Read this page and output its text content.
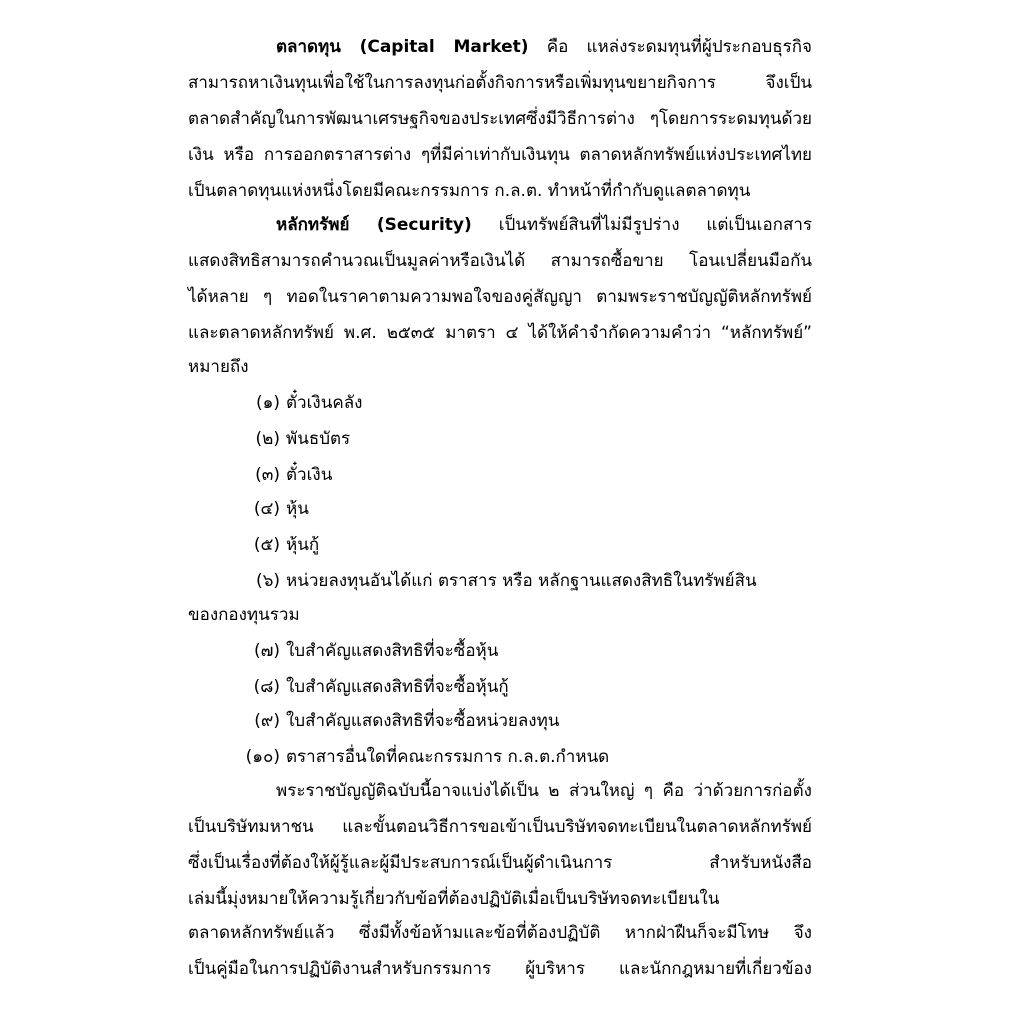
ตลาดทุน (Capital Market) คือ แหล่งระดมทุนที่ผู้ประกอบธุรกิจ
สามารถหาเงินทุนเพื่อใช้ในการลงทุนก่อตั้งกิจการหรือเพิ่มทุนขยายกิจการ จึงเป็น
ตลาดสำคัญในการพัฒนาเศรษฐกิจของประเทศซึ่งมีวิธีการต่าง ๆโดยการระดมทุนด้วย
เงิน หรือ การออกตราสารต่าง ๆที่มีค่าเท่ากับเงินทุน ตลาดหลักทรัพย์แห่งประเทศไทย
เป็นตลาดทุนแห่งหนึ่งโดยมีคณะกรรมการ ก.ล.ต. ทำหน้าที่กำกับดูแลตลาดทุน
หลักทรัพย์ (Security) เป็นทรัพย์สินที่ไม่มีรูปร่าง แต่เป็นเอกสาร
แสดงสิทธิสามารถคำนวณเป็นมูลค่าหรือเงินได้ สามารถซื้อขาย โอนเปลี่ยนมือกัน
ได้หลาย ๆ ทอดในราคาตามความพอใจของคู่สัญญา ตามพระราชบัญญัติหลักทรัพย์
และตลาดหลักทรัพย์ พ.ศ. ๒๕๓๕ มาตรา ๔ ได้ให้คำจำกัดความคำว่า “หลักทรัพย์”
หมายถึง
(๑) ตั๋วเงินคลัง
(๒) พันธบัตร
(๓) ตั๋วเงิน
(๔) หุ้น
(๕) หุ้นกู้
(๖) หน่วยลงทุนอันได้แก่ ตราสาร หรือ หลักฐานแสดงสิทธิในทรัพย์สิน
ของกองทุนรวม
(๗) ใบสำคัญแสดงสิทธิที่จะซื้อหุ้น
(๘) ใบสำคัญแสดงสิทธิที่จะซื้อหุ้นกู้
(๙) ใบสำคัญแสดงสิทธิที่จะซื้อหน่วยลงทุน
(๑๐) ตราสารอื่นใดที่คณะกรรมการ ก.ล.ต.กำหนด
พระราชบัญญัติฉบับนี้อาจแบ่งได้เป็น ๒ ส่วนใหญ่ ๆ คือ ว่าด้วยการก่อตั้ง
เป็นบริษัทมหาชน และขั้นตอนวิธีการขอเข้าเป็นบริษัทจดทะเบียนในตลาดหลักทรัพย์
ซึ่งเป็นเรื่องที่ต้องให้ผู้รู้และผู้มีประสบการณ์เป็นผู้ดำเนินการ สำหรับหนังสือ
เล่มนี้มุ่งหมายให้ความรู้เกี่ยวกับข้อที่ต้องปฏิบัติเมื่อเป็นบริษัทจดทะเบียนใน
ตลาดหลักทรัพย์แล้ว ซึ่งมีทั้งข้อห้ามและข้อที่ต้องปฏิบัติ หากฝ่าฝืนก็จะมีโทษ จึง
เป็นคู่มือในการปฏิบัติงานสำหรับกรรมการ ผู้บริหาร และนักกฎหมายที่เกี่ยวข้อง
